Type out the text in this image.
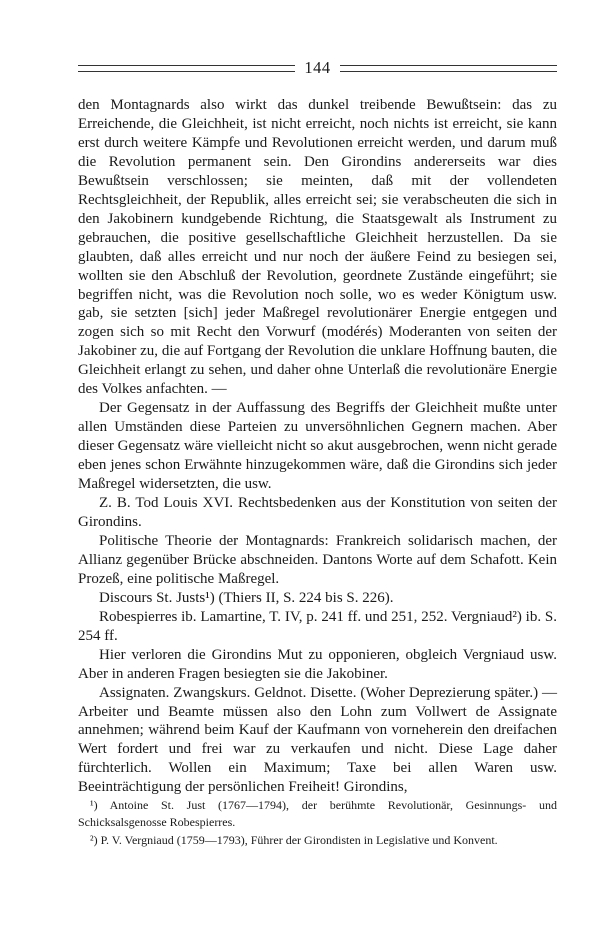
144

den Montagnards also wirkt das dunkel treibende Bewußtsein: das zu Erreichende, die Gleichheit, ist nicht erreicht, noch nichts ist erreicht, sie kann erst durch weitere Kämpfe und Revolutionen erreicht werden, und darum muß die Revolution permanent sein. Den Girondins andererseits war dies Bewußtsein verschlossen; sie meinten, daß mit der vollendeten Rechtsgleichheit, der Republik, alles erreicht sei; sie verabscheuten die sich in den Jakobinern kundgebende Richtung, die Staatsgewalt als Instrument zu gebrauchen, die positive gesellschaftliche Gleichheit herzustellen. Da sie glaubten, daß alles erreicht und nur noch der äußere Feind zu besiegen sei, wollten sie den Abschluß der Revolution, geordnete Zustände eingeführt; sie begriffen nicht, was die Revolution noch solle, wo es weder Königtum usw. gab, sie setzten [sich] jeder Maßregel revolutionärer Energie entgegen und zogen sich so mit Recht den Vorwurf (modérés) Moderanten von seiten der Jakobiner zu, die auf Fortgang der Revolution die unklare Hoffnung bauten, die Gleichheit erlangt zu sehen, und daher ohne Unterlaß die revolutionäre Energie des Volkes anfachten. —

Der Gegensatz in der Auffassung des Begriffs der Gleichheit mußte unter allen Umständen diese Parteien zu unversöhnlichen Gegnern machen. Aber dieser Gegensatz wäre vielleicht nicht so akut ausgebrochen, wenn nicht gerade eben jenes schon Erwähnte hinzugekommen wäre, daß die Girondins sich jeder Maßregel widersetzten, die usw.

Z. B. Tod Louis XVI. Rechtsbedenken aus der Konstitution von seiten der Girondins.

Politische Theorie der Montagnards: Frankreich solidarisch machen, der Allianz gegenüber Brücke abschneiden. Dantons Worte auf dem Schafott. Kein Prozeß, eine politische Maßregel.

Discours St. Justs¹) (Thiers II, S. 224 bis S. 226).

Robespierres ib. Lamartine, T. IV, p. 241 ff. und 251, 252. Vergniaud²) ib. S. 254 ff.

Hier verloren die Girondins Mut zu opponieren, obgleich Vergniaud usw. Aber in anderen Fragen besiegten sie die Jakobiner.

Assignaten. Zwangskurs. Geldnot. Disette. (Woher Deprezierung später.) — Arbeiter und Beamte müssen also den Lohn zum Vollwert de Assignate annehmen; während beim Kauf der Kaufmann von vorneherein den dreifachen Wert fordert und frei war zu verkaufen und nicht. Diese Lage daher fürchterlich. Wollen ein Maximum; Taxe bei allen Waren usw. Beeinträchtigung der persönlichen Freiheit! Girondins,

¹) Antoine St. Just (1767—1794), der berühmte Revolutionär, Gesinnungs- und Schicksalsgenosse Robespierres.

²) P. V. Vergniaud (1759—1793), Führer der Girondisten in Legislative und Konvent.
